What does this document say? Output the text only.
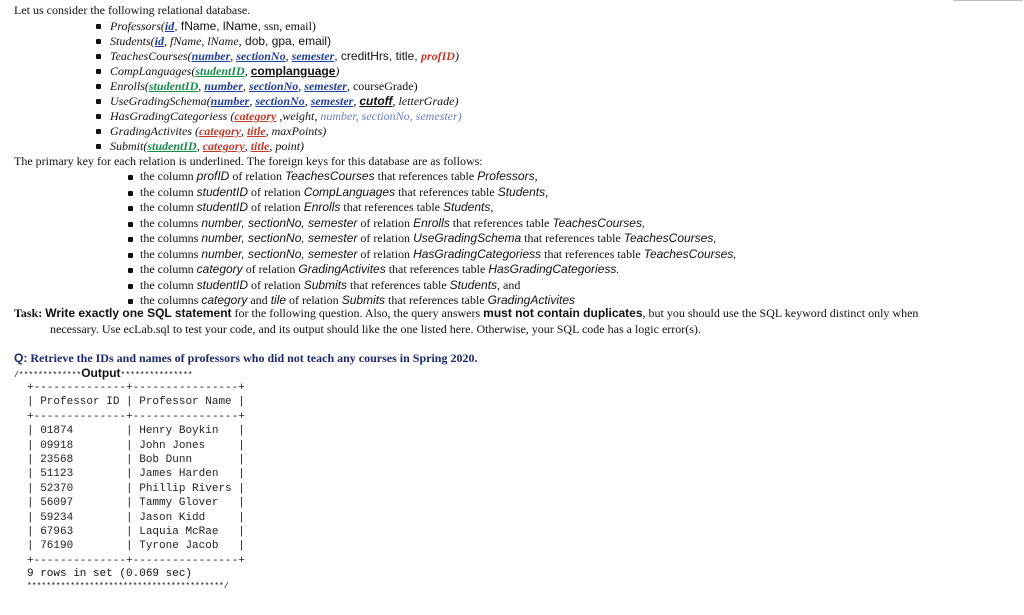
Let us consider the following relational database.
Professors(id, fName, lName, ssn, email)
Students(id, fName, lName, dob, gpa, email)
TeachesCourses(number, sectionNo, semester, creditHrs, title, profID)
CompLanguages(studentID, complanguage)
Enrolls(studentID, number, sectionNo, semester, courseGrade)
UseGradingSchema(number, sectionNo, semester, cutoff, letterGrade)
HasGradingCategoriess (category ,weight, number, sectionNo, semester)
GradingActivites (category, title, maxPoints)
Submit(studentID, category, title, point)
The primary key for each relation is underlined. The foreign keys for this database are as follows:
the column profID of relation TeachesCourses that references table Professors,
the column studentID of relation CompLanguages that references table Students,
the column studentID of relation Enrolls that references table Students,
the columns number, sectionNo, semester of relation Enrolls that references table TeachesCourses,
the columns number, sectionNo, semester of relation UseGradingSchema that references table TeachesCourses,
the columns number, sectionNo, semester of relation HasGradingCategoriess that references table TeachesCourses,
the column category of relation GradingActivites that references table HasGradingCategoriess.
the column studentID of relation Submits that references table Students, and
the columns category and tile of relation Submits that references table GradingActivites
Task: Write exactly one SQL statement for the following question. Also, the query answers must not contain duplicates, but you should use the SQL keyword distinct only when
necessary. Use ecLab.sql to test your code, and its output should like the one listed here. Otherwise, your SQL code has a logic error(s).
Q: Retrieve the IDs and names of professors who did not teach any courses in Spring 2020.
/*************Output***************
+--------------+----------------+
| Professor ID | Professor Name |
+--------------+----------------+
| 01874        | Henry Boykin   |
| 09918        | John Jones     |
| 23568        | Bob Dunn       |
| 51123        | James Harden   |
| 52370        | Phillip Rivers |
| 56097        | Tammy Glover   |
| 59234        | Jason Kidd     |
| 67963        | Laquia McRae   |
| 76190        | Tyrone Jacob   |
+--------------+----------------+
9 rows in set (0.069 sec)
*****************************************/
